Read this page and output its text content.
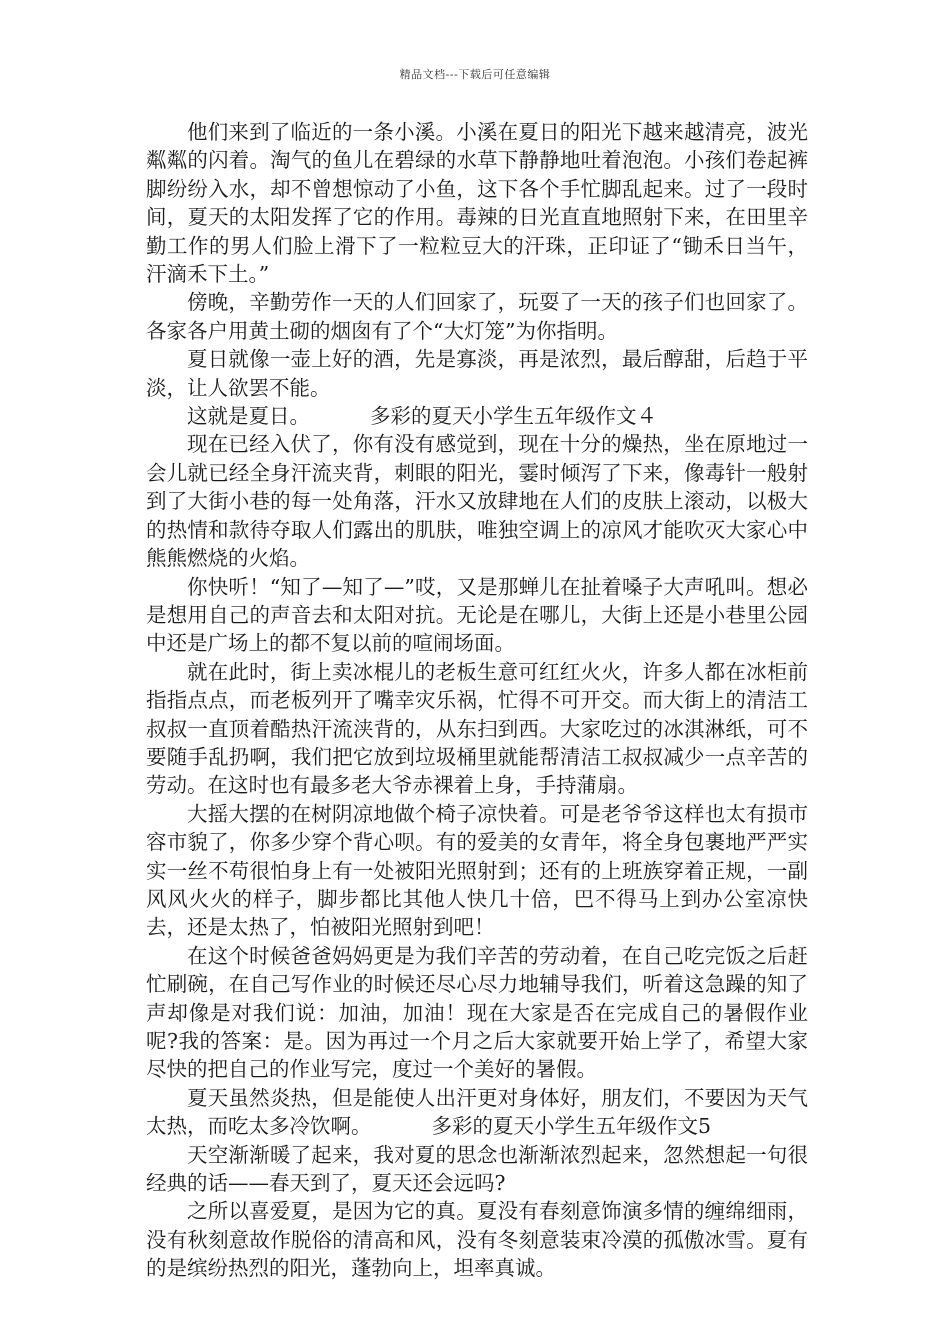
精品文档---下载后可任意编辑

他们来到了临近的一条小溪。小溪在夏日的阳光下越来越清亮，波光粼粼的闪着。淘气的鱼儿在碧绿的水草下静静地吐着泡泡。小孩们卷起裤脚纷纷入水，却不曾想惊动了小鱼，这下各个手忙脚乱起来。过了一段时间，夏天的太阳发挥了它的作用。毒辣的日光直直地照射下来，在田里辛勤工作的男人们脸上滑下了一粒粒豆大的汗珠，正印证了“锄禾日当午，汗滴禾下土。”

傍晚，辛勤劳作一天的人们回家了，玩耍了一天的孩子们也回家了。各家各户用黄土砌的烟囱有了个“大灯笼”为你指明。

夏日就像一壶上好的酒，先是寡淡，再是浓烈，最后醇甜，后趋于平淡，让人欲罢不能。

这就是夏日。	多彩的夏天小学生五年级作文４

现在已经入伏了，你有没有感觉到，现在十分的燥热，坐在原地过一会儿就已经全身汗流夹背，刺眼的阳光，霎时倾泻了下来，像毒针一般射到了大街小巷的每一处角落，汗水又放肆地在人们的皮肤上滚动，以极大的热情和款待夺取人们露出的肌肤，唯独空调上的凉风才能吹灭大家心中熊熊燃烧的火焰。

你快听！“知了—知了—”哎，又是那蝉儿在扯着嗓子大声吼叫。想必是想用自己的声音去和太阳对抗。无论是在哪儿，大街上还是小巷里公园中还是广场上的都不复以前的喧闹场面。

就在此时，街上卖冰棍儿的老板生意可红红火火，许多人都在冰柜前指指点点，而老板列开了嘴幸灾乐祸，忙得不可开交。而大街上的清洁工叔叔一直顶着酷热汗流浃背的，从东扫到西。大家吃过的冰淇淋纸，可不要随手乱扔啊，我们把它放到垃圾桶里就能帮清洁工叔叔减少一点辛苦的劳动。在这时也有最多老大爷赤裸着上身，手持蒲扇。

大摇大摆的在树阴凉地做个椅子凉快着。可是老爷爷这样也太有损市容市貌了，你多少穿个背心呗。有的爱美的女青年，将全身包裹地严严实实一丝不苟很怕身上有一处被阳光照射到；还有的上班族穿着正规，一副风风火火的样子，脚步都比其他人快几十倍，巴不得马上到办公室凉快去，还是太热了，怕被阳光照射到吧！

在这个时候爸爸妈妈更是为我们辛苦的劳动着，在自己吃完饭之后赶忙刷碗，在自己写作业的时候还尽心尽力地辅导我们，听着这急躁的知了声却像是对我们说：加油，加油！现在大家是否在完成自己的暑假作业呢?我的答案：是。因为再过一个月之后大家就要开始上学了，希望大家尽快的把自己的作业写完，度过一个美好的暑假。

夏天虽然炎热，但是能使人出汗更对身体好，朋友们，不要因为天气太热，而吃太多冷饮啊。	多彩的夏天小学生五年级作文5

天空渐渐暖了起来，我对夏的思念也渐渐浓烈起来，忽然想起一句很经典的话——春天到了，夏天还会远吗?

之所以喜爱夏，是因为它的真。夏没有春刻意饰演多情的缠绵细雨，没有秋刻意故作脱俗的清高和风，没有冬刻意装束冷漠的孤傲冰雪。夏有的是缤纷热烈的阳光，蓬勃向上，坦率真诚。
